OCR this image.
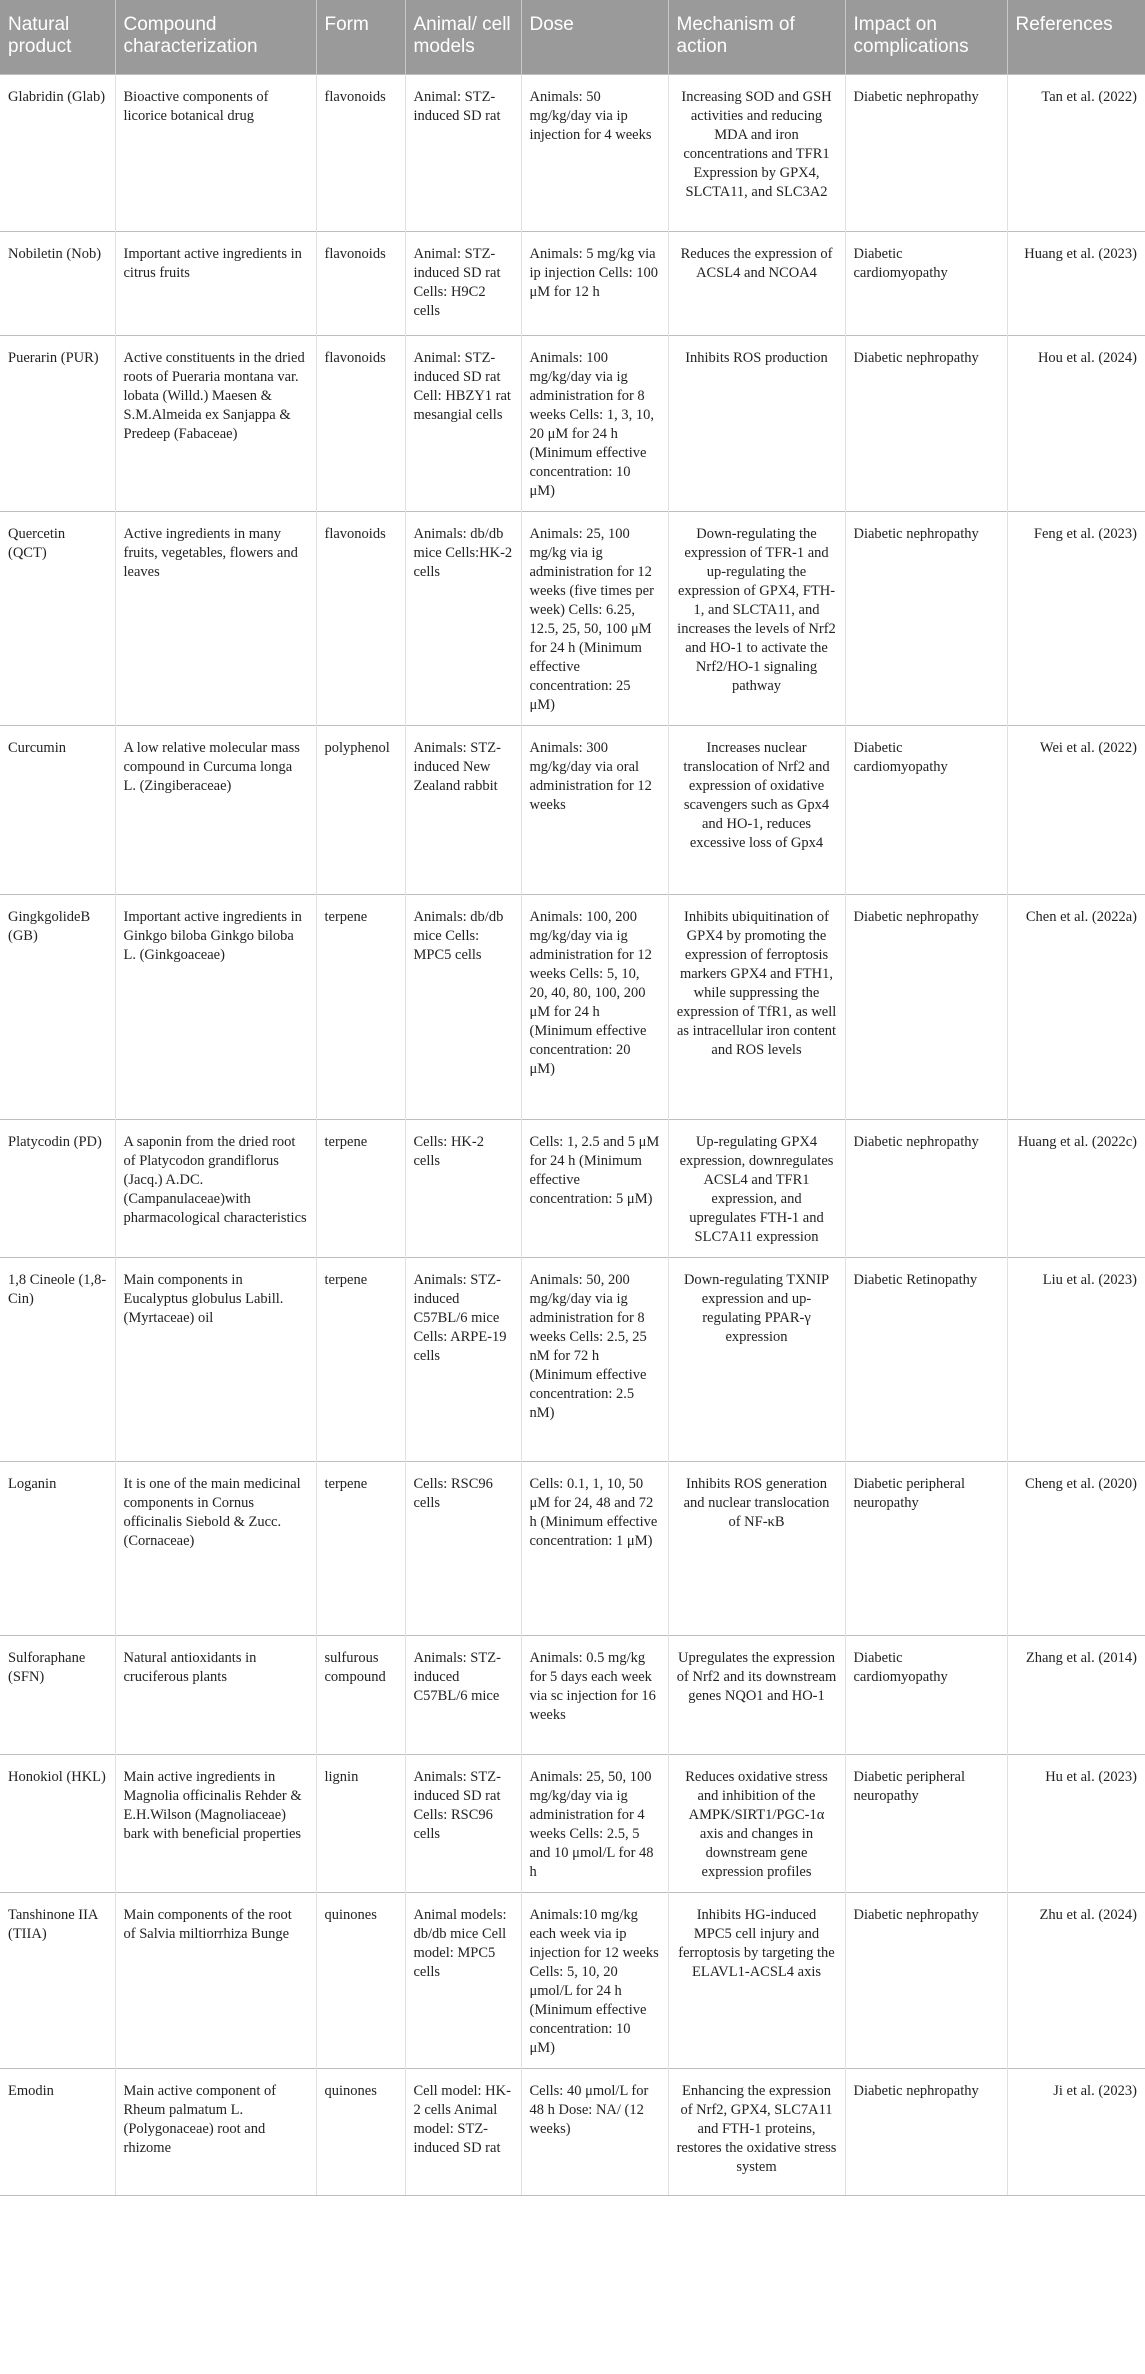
Natural product	Compound characterization	Form	Animal/ cell models	Dose	Mechanism of action	Impact on complications	References
Glabridin (Glab)	Bioactive components of licorice botanical drug	flavonoids	Animal: STZ-induced SD rat	Animals: 50 mg/kg/day via ip injection for 4 weeks	Increasing SOD and GSH activities and reducing MDA and iron concentrations and TFR1 Expression by GPX4, SLCTA11, and SLC3A2	Diabetic nephropathy	Tan et al. (2022)
Nobiletin (Nob)	Important active ingredients in citrus fruits	flavonoids	Animal: STZ-induced SD rat Cells: H9C2 cells	Animals: 5 mg/kg via ip injection Cells: 100 μM for 12 h	Reduces the expression of ACSL4 and NCOA4	Diabetic cardiomyopathy	Huang et al. (2023)
Puerarin (PUR)	Active constituents in the dried roots of Pueraria montana var. lobata (Willd.) Maesen & S.M.Almeida ex Sanjappa & Predeep (Fabaceae)	flavonoids	Animal: STZ-induced SD rat Cell: HBZY1 rat mesangial cells	Animals: 100 mg/kg/day via ig administration for 8 weeks Cells: 1, 3, 10, 20 μM for 24 h (Minimum effective concentration: 10 μM)	Inhibits ROS production	Diabetic nephropathy	Hou et al. (2024)
Quercetin (QCT)	Active ingredients in many fruits, vegetables, flowers and leaves	flavonoids	Animals: db/db mice Cells:HK-2 cells	Animals: 25, 100 mg/kg via ig administration for 12 weeks (five times per week) Cells: 6.25, 12.5, 25, 50, 100 μM for 24 h (Minimum effective concentration: 25 μM)	Down-regulating the expression of TFR-1 and up-regulating the expression of GPX4, FTH-1, and SLCTA11, and increases the levels of Nrf2 and HO-1 to activate the Nrf2/HO-1 signaling pathway	Diabetic nephropathy	Feng et al. (2023)
Curcumin	A low relative molecular mass compound in Curcuma longa L. (Zingiberaceae)	polyphenol	Animals: STZ-induced New Zealand rabbit	Animals: 300 mg/kg/day via oral administration for 12 weeks	Increases nuclear translocation of Nrf2 and expression of oxidative scavengers such as Gpx4 and HO-1, reduces excessive loss of Gpx4	Diabetic cardiomyopathy	Wei et al. (2022)
GingkgolideB (GB)	Important active ingredients in Ginkgo biloba Ginkgo biloba L. (Ginkgoaceae)	terpene	Animals: db/db mice Cells: MPC5 cells	Animals: 100, 200 mg/kg/day via ig administration for 12 weeks Cells: 5, 10, 20, 40, 80, 100, 200 μM for 24 h (Minimum effective concentration: 20 μM)	Inhibits ubiquitination of GPX4 by promoting the expression of ferroptosis markers GPX4 and FTH1, while suppressing the expression of TfR1, as well as intracellular iron content and ROS levels	Diabetic nephropathy	Chen et al. (2022a)
Platycodin (PD)	A saponin from the dried root of Platycodon grandiflorus (Jacq.) A.DC. (Campanulaceae)with pharmacological characteristics	terpene	Cells: HK-2 cells	Cells: 1, 2.5 and 5 μM for 24 h (Minimum effective concentration: 5 μM)	Up-regulating GPX4 expression, downregulates ACSL4 and TFR1 expression, and upregulates FTH-1 and SLC7A11 expression	Diabetic nephropathy	Huang et al. (2022c)
1,8 Cineole (1,8-Cin)	Main components in Eucalyptus globulus Labill. (Myrtaceae) oil	terpene	Animals: STZ-induced C57BL/6 mice Cells: ARPE-19 cells	Animals: 50, 200 mg/kg/day via ig administration for 8 weeks Cells: 2.5, 25 nM for 72 h (Minimum effective concentration: 2.5 nM)	Down-regulating TXNIP expression and up-regulating PPAR-γ expression	Diabetic Retinopathy	Liu et al. (2023)
Loganin	It is one of the main medicinal components in Cornus officinalis Siebold & Zucc. (Cornaceae)	terpene	Cells: RSC96 cells	Cells: 0.1, 1, 10, 50 μM for 24, 48 and 72 h (Minimum effective concentration: 1 μM)	Inhibits ROS generation and nuclear translocation of NF-κB	Diabetic peripheral neuropathy	Cheng et al. (2020)
Sulforaphane (SFN)	Natural antioxidants in cruciferous plants	sulfurous compound	Animals: STZ-induced C57BL/6 mice	Animals: 0.5 mg/kg for 5 days each week via sc injection for 16 weeks	Upregulates the expression of Nrf2 and its downstream genes NQO1 and HO-1	Diabetic cardiomyopathy	Zhang et al. (2014)
Honokiol (HKL)	Main active ingredients in Magnolia officinalis Rehder & E.H.Wilson (Magnoliaceae) bark with beneficial properties	lignin	Animals: STZ-induced SD rat Cells: RSC96 cells	Animals: 25, 50, 100 mg/kg/day via ig administration for 4 weeks Cells: 2.5, 5 and 10 μmol/L for 48 h	Reduces oxidative stress and inhibition of the AMPK/SIRT1/PGC-1α axis and changes in downstream gene expression profiles	Diabetic peripheral neuropathy	Hu et al. (2023)
Tanshinone IIA (TIIA)	Main components of the root of Salvia miltiorrhiza Bunge	quinones	Animal models: db/db mice Cell model: MPC5 cells	Animals:10 mg/kg each week via ip injection for 12 weeks Cells: 5, 10, 20 μmol/L for 24 h (Minimum effective concentration: 10 μM)	Inhibits HG-induced MPC5 cell injury and ferroptosis by targeting the ELAVL1-ACSL4 axis	Diabetic nephropathy	Zhu et al. (2024)
Emodin	Main active component of Rheum palmatum L. (Polygonaceae) root and rhizome	quinones	Cell model: HK-2 cells Animal model: STZ-induced SD rat	Cells: 40 μmol/L for 48 h Dose: NA/ (12 weeks)	Enhancing the expression of Nrf2, GPX4, SLC7A11 and FTH-1 proteins, restores the oxidative stress system	Diabetic nephropathy	Ji et al. (2023)
